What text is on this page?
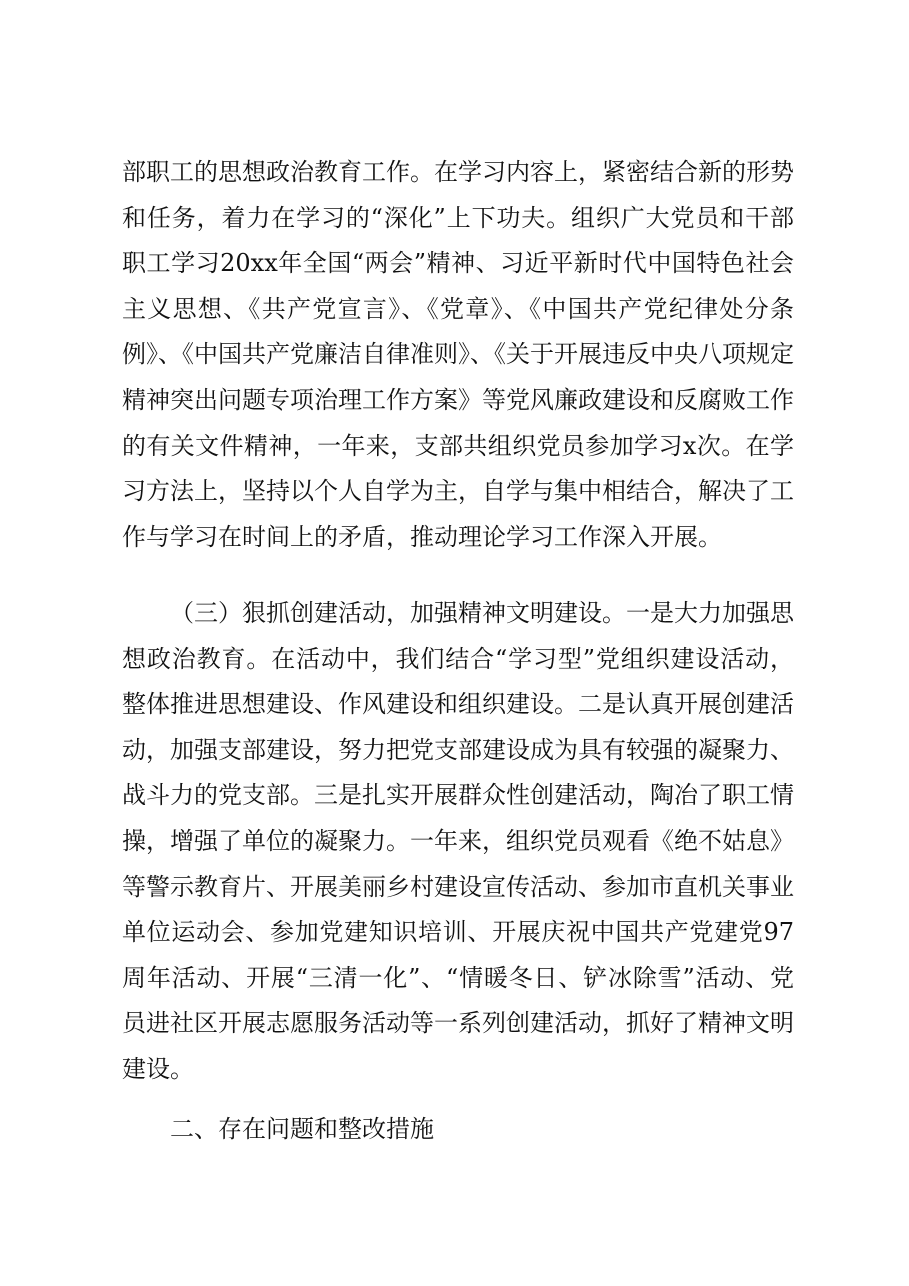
部职工的思想政治教育工作。在学习内容上，紧密结合新的形势和任务，着力在学习的“深化”上下功夫。组织广大党员和干部职工学习20xx年全国“两会”精神、习近平新时代中国特色社会主义思想、《共产党宣言》、《党章》、《中国共产党纪律处分条例》、《中国共产党廉洁自律准则》、《关于开展违反中央八项规定精神突出问题专项治理工作方案》等党风廉政建设和反腐败工作的有关文件精神，一年来，支部共组织党员参加学习x次。在学习方法上，坚持以个人自学为主，自学与集中相结合，解决了工作与学习在时间上的矛盾，推动理论学习工作深入开展。

（三）狠抓创建活动，加强精神文明建设。一是大力加强思想政治教育。在活动中，我们结合“学习型”党组织建设活动，整体推进思想建设、作风建设和组织建设。二是认真开展创建活动，加强支部建设，努力把党支部建设成为具有较强的凝聚力、战斗力的党支部。三是扎实开展群众性创建活动，陶冶了职工情操，增强了单位的凝聚力。一年来，组织党员观看《绝不姑息》等警示教育片、开展美丽乡村建设宣传活动、参加市直机关事业单位运动会、参加党建知识培训、开展庆祝中国共产党建党97周年活动、开展“三清一化”、“情暖冬日、铲冰除雪”活动、党员进社区开展志愿服务活动等一系列创建活动，抓好了精神文明建设。

二、存在问题和整改措施
